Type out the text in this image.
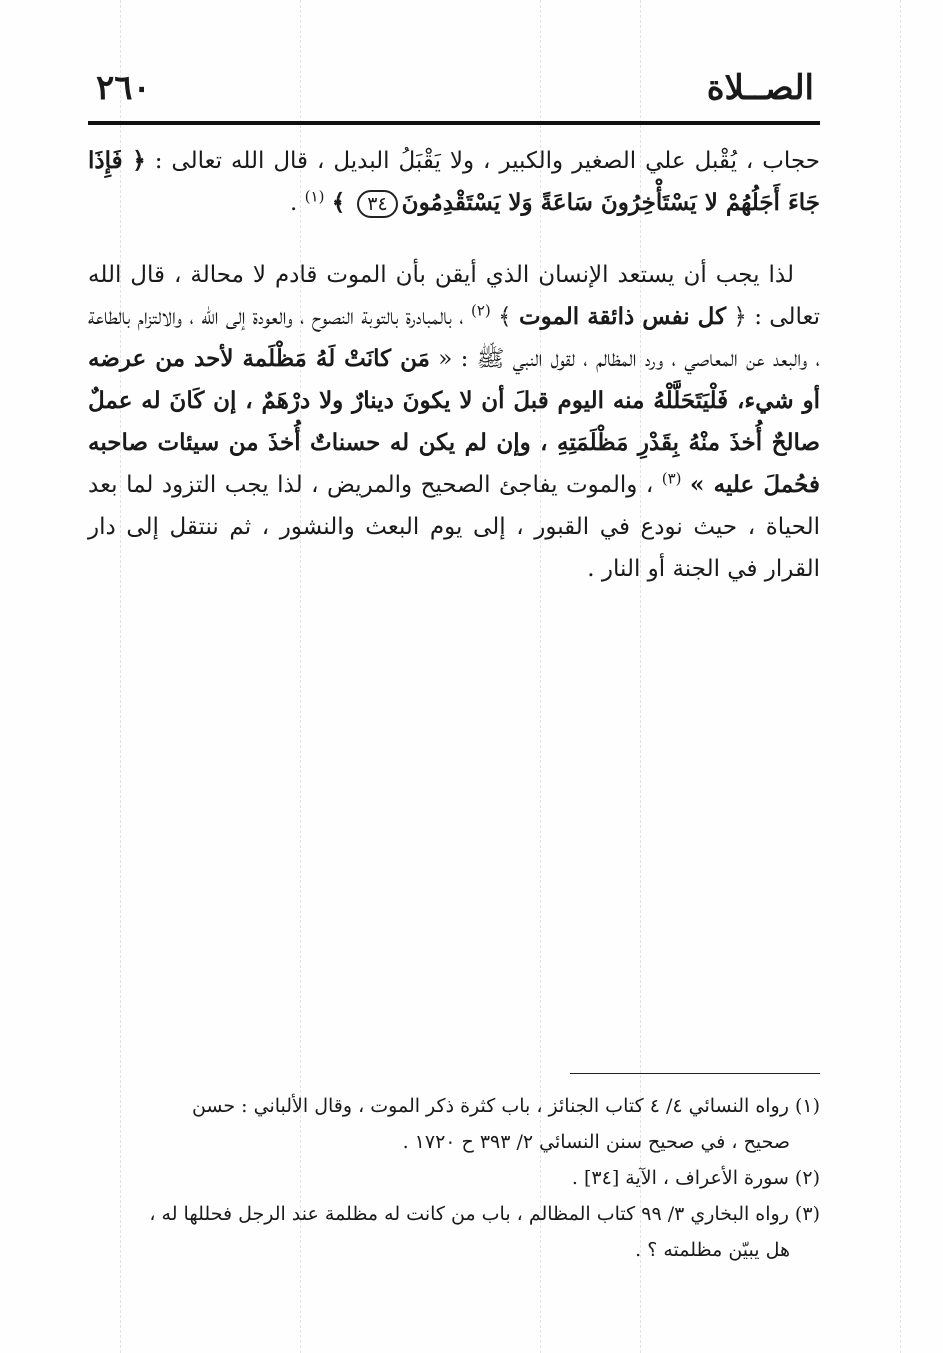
٢٦٠	الصــلاة

حجاب ، يُقْبل علي الصغير والكبير ، ولا يَقْبَلُ البديل ، قال الله تعالى : ﴿ فَإِذَا جَاءَ أَجَلُهُمْ لا يَسْتَأْخِرُونَ سَاعَةً وَلا يَسْتَقْدِمُونَ٣٤ ﴾ $^{(١)}$ .

لذا يجب أن يستعد الإنسان الذي أيقن بأن الموت قادم لا محالة ، قال الله تعالى : ﴿ كل نفس ذائقة الموت ﴾ $^{(٢)}$ ، بالمبادرة بالتوبة النصوح ، والعودة إلى الله ، والالتزام بالطاعة ، والبعد عن المعاصي ، ورد المظالم ، لقول النبي ﷺ : « مَن كانَتْ لَهُ مَظْلَمة لأحد من عرضه أو شيء، فَلْيَتَحَلَّلْهُ منه اليوم قبلَ أن لا يكونَ دينارٌ ولا درْهَمٌ ، إن كَانَ له عملٌ صالحٌ أُخذَ منْهُ بِقَدْرِ مَظْلَمَتِهِ ، وإن لم يكن له حسناتٌ أُخذَ من سيئات صاحبه فحُملَ عليه » $^{(٣)}$ ، والموت يفاجئ الصحيح والمريض ، لذا يجب التزود لما بعد الحياة ، حيث نودع في القبور ، إلى يوم البعث والنشور ، ثم ننتقل إلى دار القرار في الجنة أو النار .

(١) رواه النسائي ٤/ ٤ كتاب الجنائز ، باب كثرة ذكر الموت ، وقال الألباني : حسن

صحيح ، في صحيح سنن النسائي ٢/ ٣٩٣ ح ١٧٢٠ .

(٢) سورة الأعراف ، الآية [٣٤] .

(٣) رواه البخاري ٣/ ٩٩ كتاب المظالم ، باب من كانت له مظلمة عند الرجل فحللها له ،

هل يبيّن مظلمته ؟ .
